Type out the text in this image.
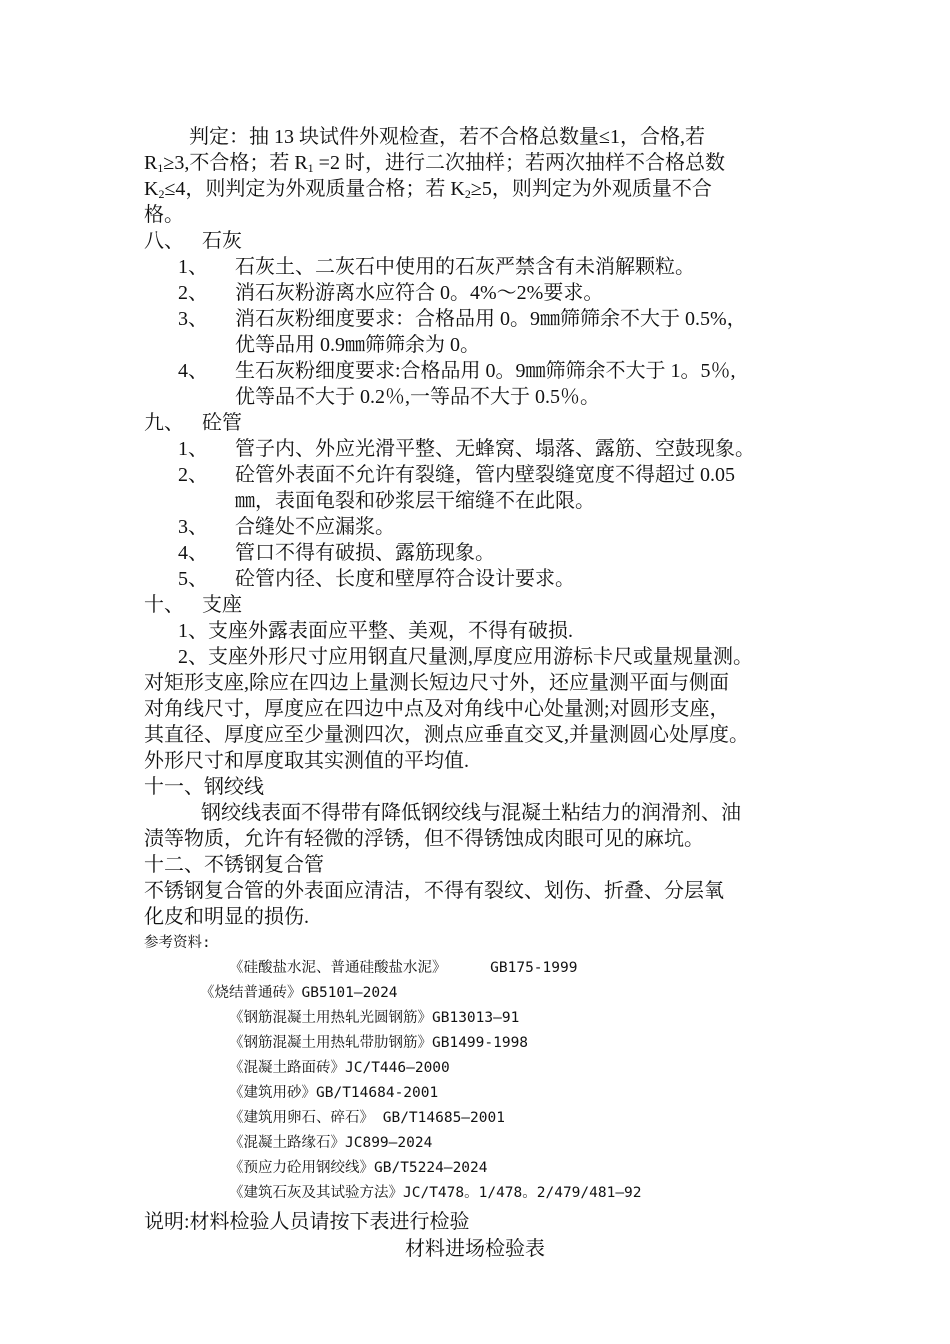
判定：抽 13 块试件外观检查，若不合格总数量≤1，合格,若
$R_1\ge 3$,不合格；若 $R_1 =2$ 时，进行二次抽样；若两次抽样不合格总数
$K_2\le 4$，则判定为外观质量合格；若 $K_2\ge 5$，则判定为外观质量不合
格。
八、 石灰
1、 石灰土、二灰石中使用的石灰严禁含有未消解颗粒。
2、 消石灰粉游离水应符合 0。4%～2%要求。
3、 消石灰粉细度要求：合格品用 0。9㎜筛筛余不大于 0.5%，
优等品用 0.9㎜筛筛余为 0。
4、 生石灰粉细度要求:合格品用 0。9㎜筛筛余不大于 1。5％,
优等品不大于 0.2％,一等品不大于 0.5％。
九、 砼管
1、 管子内、外应光滑平整、无蜂窝、塌落、露筋、空鼓现象。
2、 砼管外表面不允许有裂缝，管内壁裂缝宽度不得超过 0.05
㎜，表面龟裂和砂浆层干缩缝不在此限。
3、 合缝处不应漏浆。
4、 管口不得有破损、露筋现象。
5、 砼管内径、长度和壁厚符合设计要求。
十、 支座
1、支座外露表面应平整、美观，不得有破损.
2、支座外形尺寸应用钢直尺量测,厚度应用游标卡尺或量规量测。
对矩形支座,除应在四边上量测长短边尺寸外，还应量测平面与侧面
对角线尺寸，厚度应在四边中点及对角线中心处量测;对圆形支座，
其直径、厚度应至少量测四次，测点应垂直交叉,并量测圆心处厚度。
外形尺寸和厚度取其实测值的平均值.
十一、钢绞线
钢绞线表面不得带有降低钢绞线与混凝土粘结力的润滑剂、油
渍等物质，允许有轻微的浮锈，但不得锈蚀成肉眼可见的麻坑。
十二、不锈钢复合管
不锈钢复合管的外表面应清洁，不得有裂纹、划伤、折叠、分层氧
化皮和明显的损伤.
参考资料:
《硅酸盐水泥、普通硅酸盐水泥》     GB175-1999
《烧结普通砖》GB5101—2024
《钢筋混凝土用热轧光圆钢筋》GB13013—91
《钢筋混凝土用热轧带肋钢筋》GB1499-1998
《混凝土路面砖》JC/T446—2000
《建筑用砂》GB/T14684-2001
《建筑用卵石、碎石》 GB/T14685—2001
《混凝土路缘石》JC899—2024
《预应力砼用钢绞线》GB/T5224—2024
《建筑石灰及其试验方法》JC/T478。1/478。2/479/481—92
说明:材料检验人员请按下表进行检验
材料进场检验表
